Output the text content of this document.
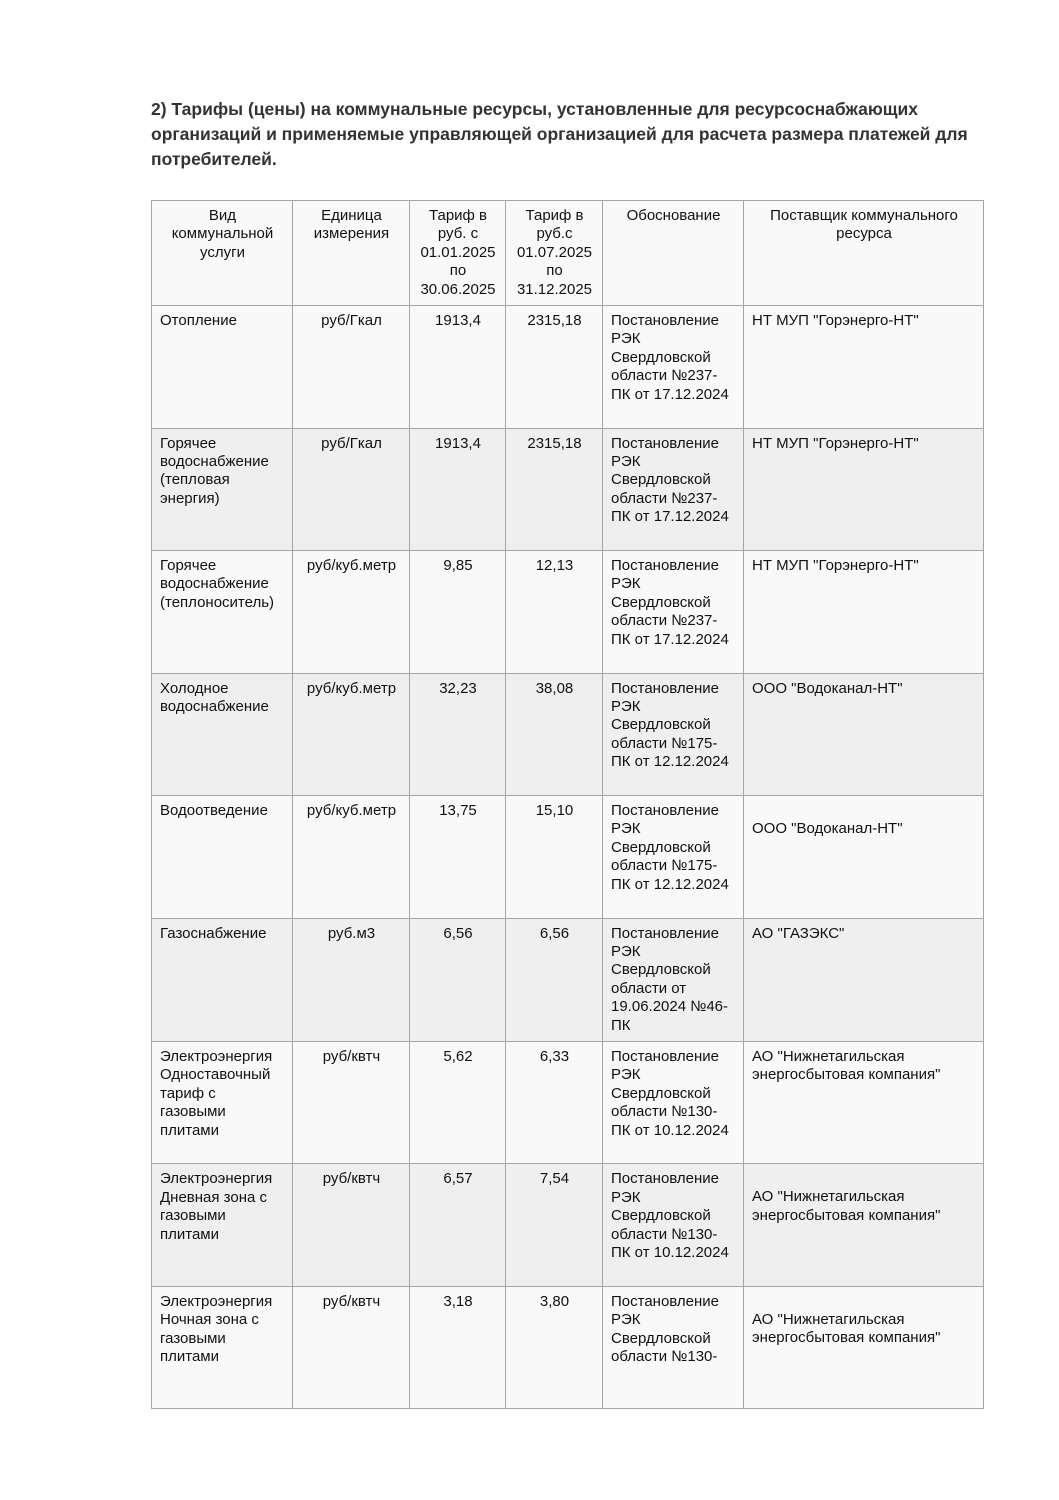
2) Тарифы (цены) на коммунальные ресурсы, установленные для ресурсоснабжающих организаций и применяемые управляющей организацией для расчета размера платежей для потребителей.
Вид коммунальной услуги	Единица измерения	Тариф в руб. с 01.01.2025 по 30.06.2025	Тариф в руб.с 01.07.2025 по 31.12.2025	Обоснование	Поставщик коммунального ресурса
Отопление	руб/Гкал	1913,4	2315,18	Постановление РЭК Свердловской области №237-ПК от 17.12.2024	НТ МУП "Горэнерго-НТ"
Горячее водоснабжение (тепловая энергия)	руб/Гкал	1913,4	2315,18	Постановление РЭК Свердловской области №237-ПК от 17.12.2024	НТ МУП "Горэнерго-НТ"
Горячее водоснабжение (теплоноситель)	руб/куб.метр	9,85	12,13	Постановление РЭК Свердловской области №237-ПК от 17.12.2024	НТ МУП "Горэнерго-НТ"
Холодное водоснабжение	руб/куб.метр	32,23	38,08	Постановление РЭК Свердловской области №175-ПК от 12.12.2024	ООО "Водоканал-НТ"
Водоотведение	руб/куб.метр	13,75	15,10	Постановление РЭК Свердловской области №175-ПК от 12.12.2024	ООО "Водоканал-НТ"
Газоснабжение	руб.м3	6,56	6,56	Постановление РЭК Свердловской области от 19.06.2024 №46-ПК	АО "ГАЗЭКС"
Электроэнергия Одноставочный тариф с газовыми плитами	руб/квтч	5,62	6,33	Постановление РЭК Свердловской области №130-ПК от 10.12.2024	АО "Нижнетагильская
энергосбытовая компания"
Электроэнергия Дневная зона с газовыми плитами	руб/квтч	6,57	7,54	Постановление РЭК Свердловской области №130-ПК от 10.12.2024	АО "Нижнетагильская
энергосбытовая компания"
Электроэнергия Ночная зона с газовыми плитами	руб/квтч	3,18	3,80	Постановление РЭК Свердловской области №130-	АО "Нижнетагильская
энергосбытовая компания"
